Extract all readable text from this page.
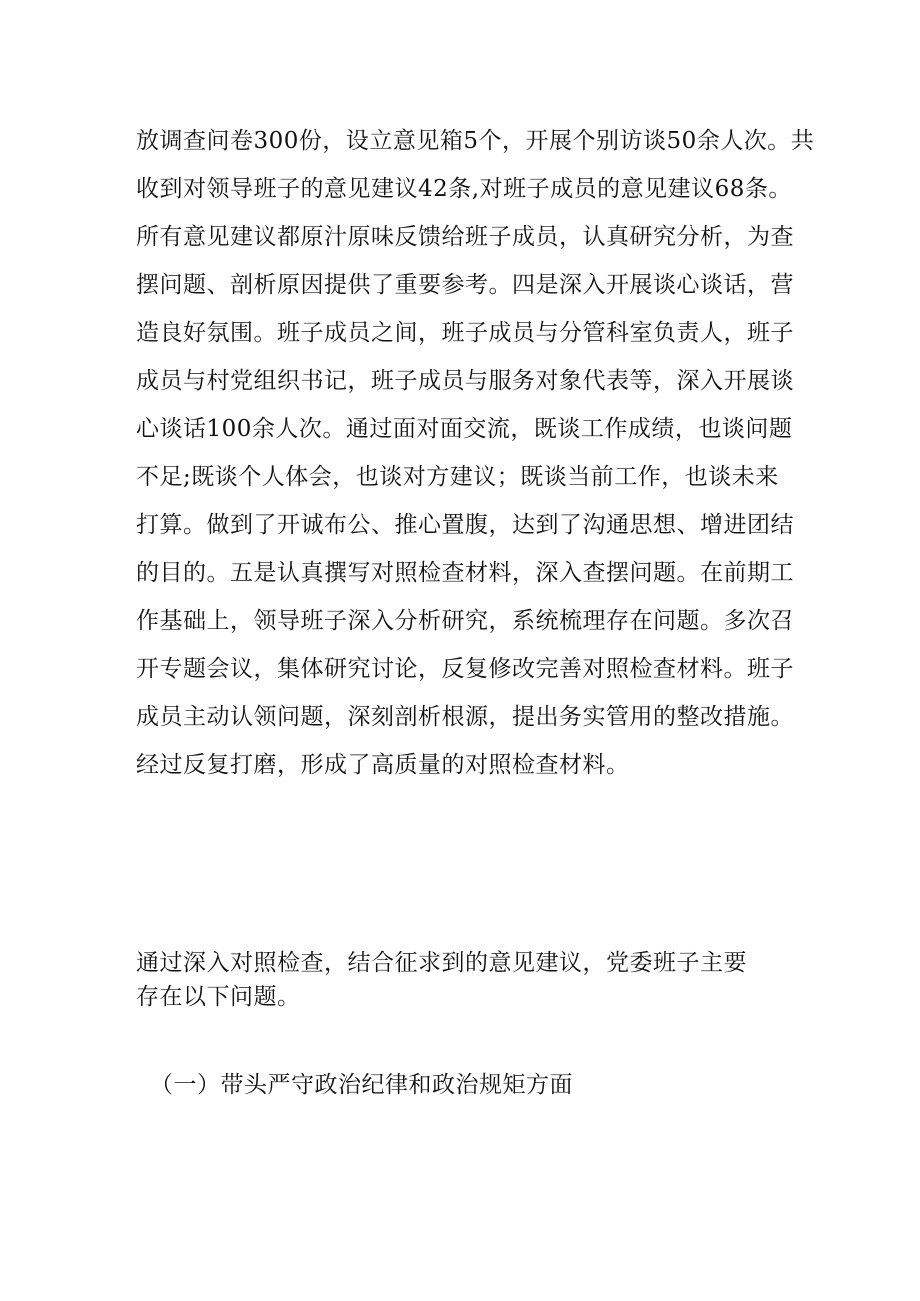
放调查问卷300份，设立意见箱5个，开展个别访谈50余人次。共
收到对领导班子的意见建议42条,对班子成员的意见建议68条。
所有意见建议都原汁原味反馈给班子成员，认真研究分析，为查
摆问题、剖析原因提供了重要参考。四是深入开展谈心谈话，营
造良好氛围。班子成员之间，班子成员与分管科室负责人，班子
成员与村党组织书记，班子成员与服务对象代表等，深入开展谈
心谈话100余人次。通过面对面交流，既谈工作成绩，也谈问题
不足;既谈个人体会，也谈对方建议；既谈当前工作，也谈未来
打算。做到了开诚布公、推心置腹，达到了沟通思想、增进团结
的目的。五是认真撰写对照检查材料，深入查摆问题。在前期工
作基础上，领导班子深入分析研究，系统梳理存在问题。多次召
开专题会议，集体研究讨论，反复修改完善对照检查材料。班子
成员主动认领问题，深刻剖析根源，提出务实管用的整改措施。
经过反复打磨，形成了高质量的对照检查材料。
通过深入对照检查，结合征求到的意见建议，党委班子主要
存在以下问题。
（一）带头严守政治纪律和政治规矩方面
